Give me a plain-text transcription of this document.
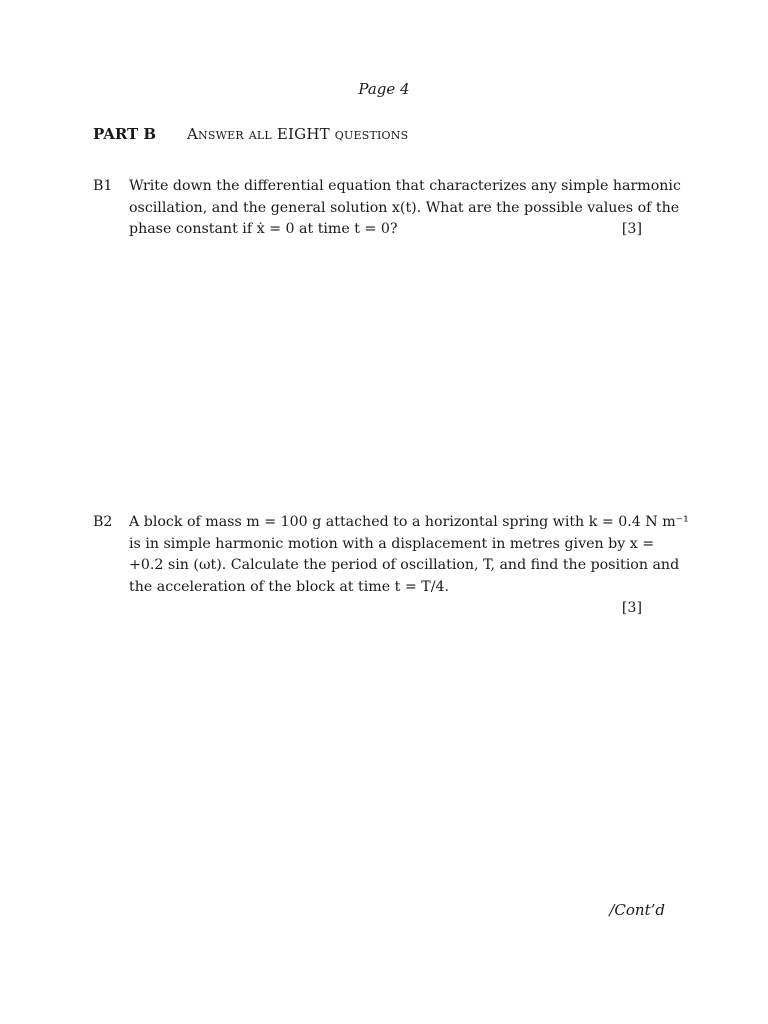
Page 4
PART B	Answer all EIGHT questions
B1 Write down the differential equation that characterizes any simple harmonic
oscillation, and the general solution x(t). What are the possible values of the
phase constant if ẋ = 0 at time t = 0?	[3]
B2 A block of mass m = 100 g attached to a horizontal spring with k = 0.4 N m⁻¹
is in simple harmonic motion with a displacement in metres given by x =
+0.2 sin (ωt). Calculate the period of oscillation, T, and find the position and
the acceleration of the block at time t = T/4.
[3]
/Cont’d
